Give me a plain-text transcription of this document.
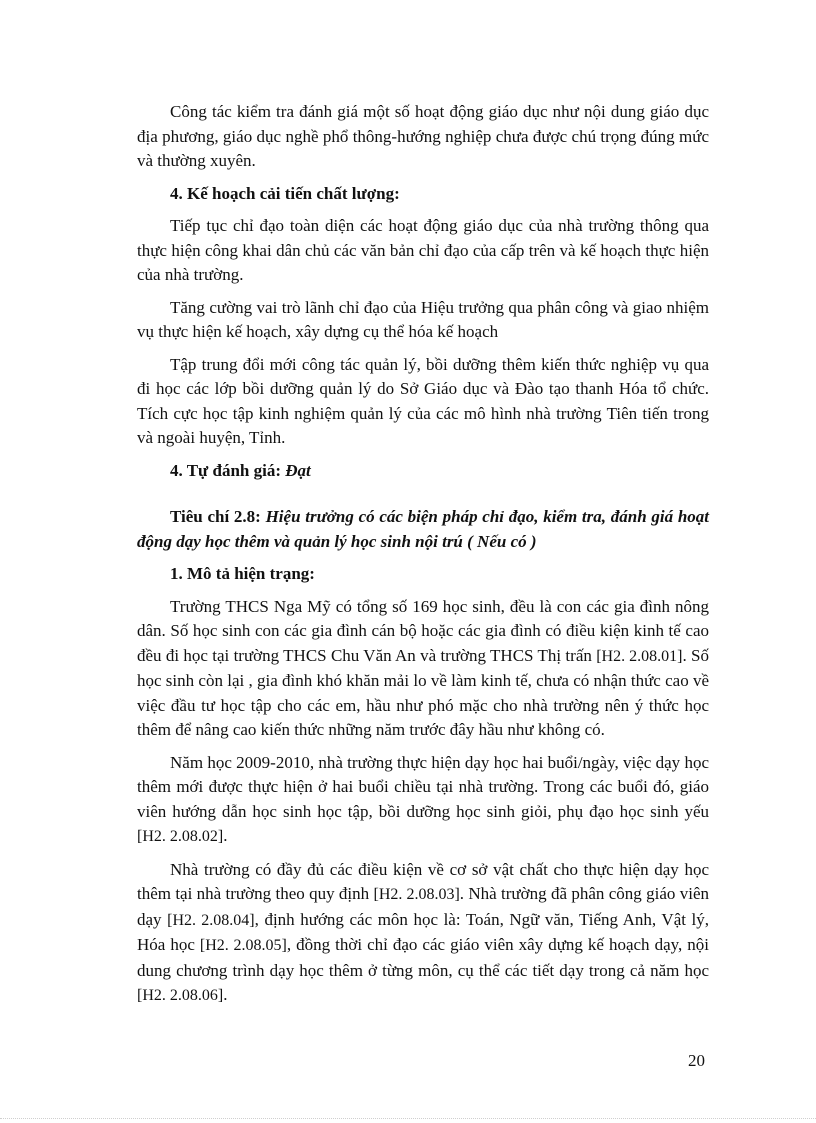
Công tác kiểm tra đánh giá một số hoạt động giáo dục như nội dung giáo dục địa phương, giáo dục nghề phổ thông-hướng nghiệp chưa được chú trọng đúng mức và thường xuyên.

4. Kế hoạch cải tiến chất lượng:

Tiếp tục chỉ đạo toàn diện các hoạt động giáo dục của nhà trường thông qua thực hiện công khai dân chủ các văn bản chỉ đạo của cấp trên và kế hoạch thực hiện của nhà trường.

Tăng cường vai trò lãnh chỉ đạo của Hiệu trưởng qua phân công và giao nhiệm vụ thực hiện kế hoạch, xây dựng cụ thể hóa kế hoạch

Tập trung đổi mới công tác quản lý, bồi dưỡng thêm kiến thức nghiệp vụ qua đi học các lớp bồi dưỡng quản lý do Sở Giáo dục và Đào tạo thanh Hóa tổ chức. Tích cực học tập kinh nghiệm quản lý của các mô hình nhà trường Tiên tiến trong và ngoài huyện, Tỉnh.

4. Tự đánh giá: Đạt
Tiêu chí 2.8: Hiệu trưởng có các biện pháp chỉ đạo, kiểm tra, đánh giá hoạt động dạy học thêm và quản lý học sinh nội trú ( Nếu có )
1. Mô tả hiện trạng:

Trường THCS Nga Mỹ có tổng số 169 học sinh, đều là con các gia đình nông dân. Số học sinh con các gia đình cán bộ hoặc các gia đình có điều kiện kinh tế cao đều đi học tại trường THCS Chu Văn An và trường THCS Thị trấn [H2. 2.08.01]. Số học sinh còn lại , gia đình khó khăn mải lo về làm kinh tế, chưa có nhận thức cao về việc đầu tư học tập cho các em, hầu như phó mặc cho nhà trường nên ý thức học thêm để nâng cao kiến thức những năm trước đây hầu như không có.

Năm học 2009-2010, nhà trường thực hiện dạy học hai buổi/ngày, việc dạy học thêm mới được thực hiện ở hai buổi chiều tại nhà trường. Trong các buổi đó, giáo viên hướng dẫn học sinh học tập, bồi dưỡng học sinh giỏi, phụ đạo học sinh yếu [H2. 2.08.02].

Nhà trường có đầy đủ các điều kiện về cơ sở vật chất cho thực hiện dạy học thêm tại nhà trường theo quy định [H2. 2.08.03]. Nhà trường đã phân công giáo viên dạy [H2. 2.08.04], định hướng các môn học là: Toán, Ngữ văn, Tiếng Anh, Vật lý, Hóa học [H2. 2.08.05], đồng thời chỉ đạo các giáo viên xây dựng kế hoạch dạy, nội dung chương trình dạy học thêm ở từng môn, cụ thể các tiết dạy trong cả năm học [H2. 2.08.06].

20
